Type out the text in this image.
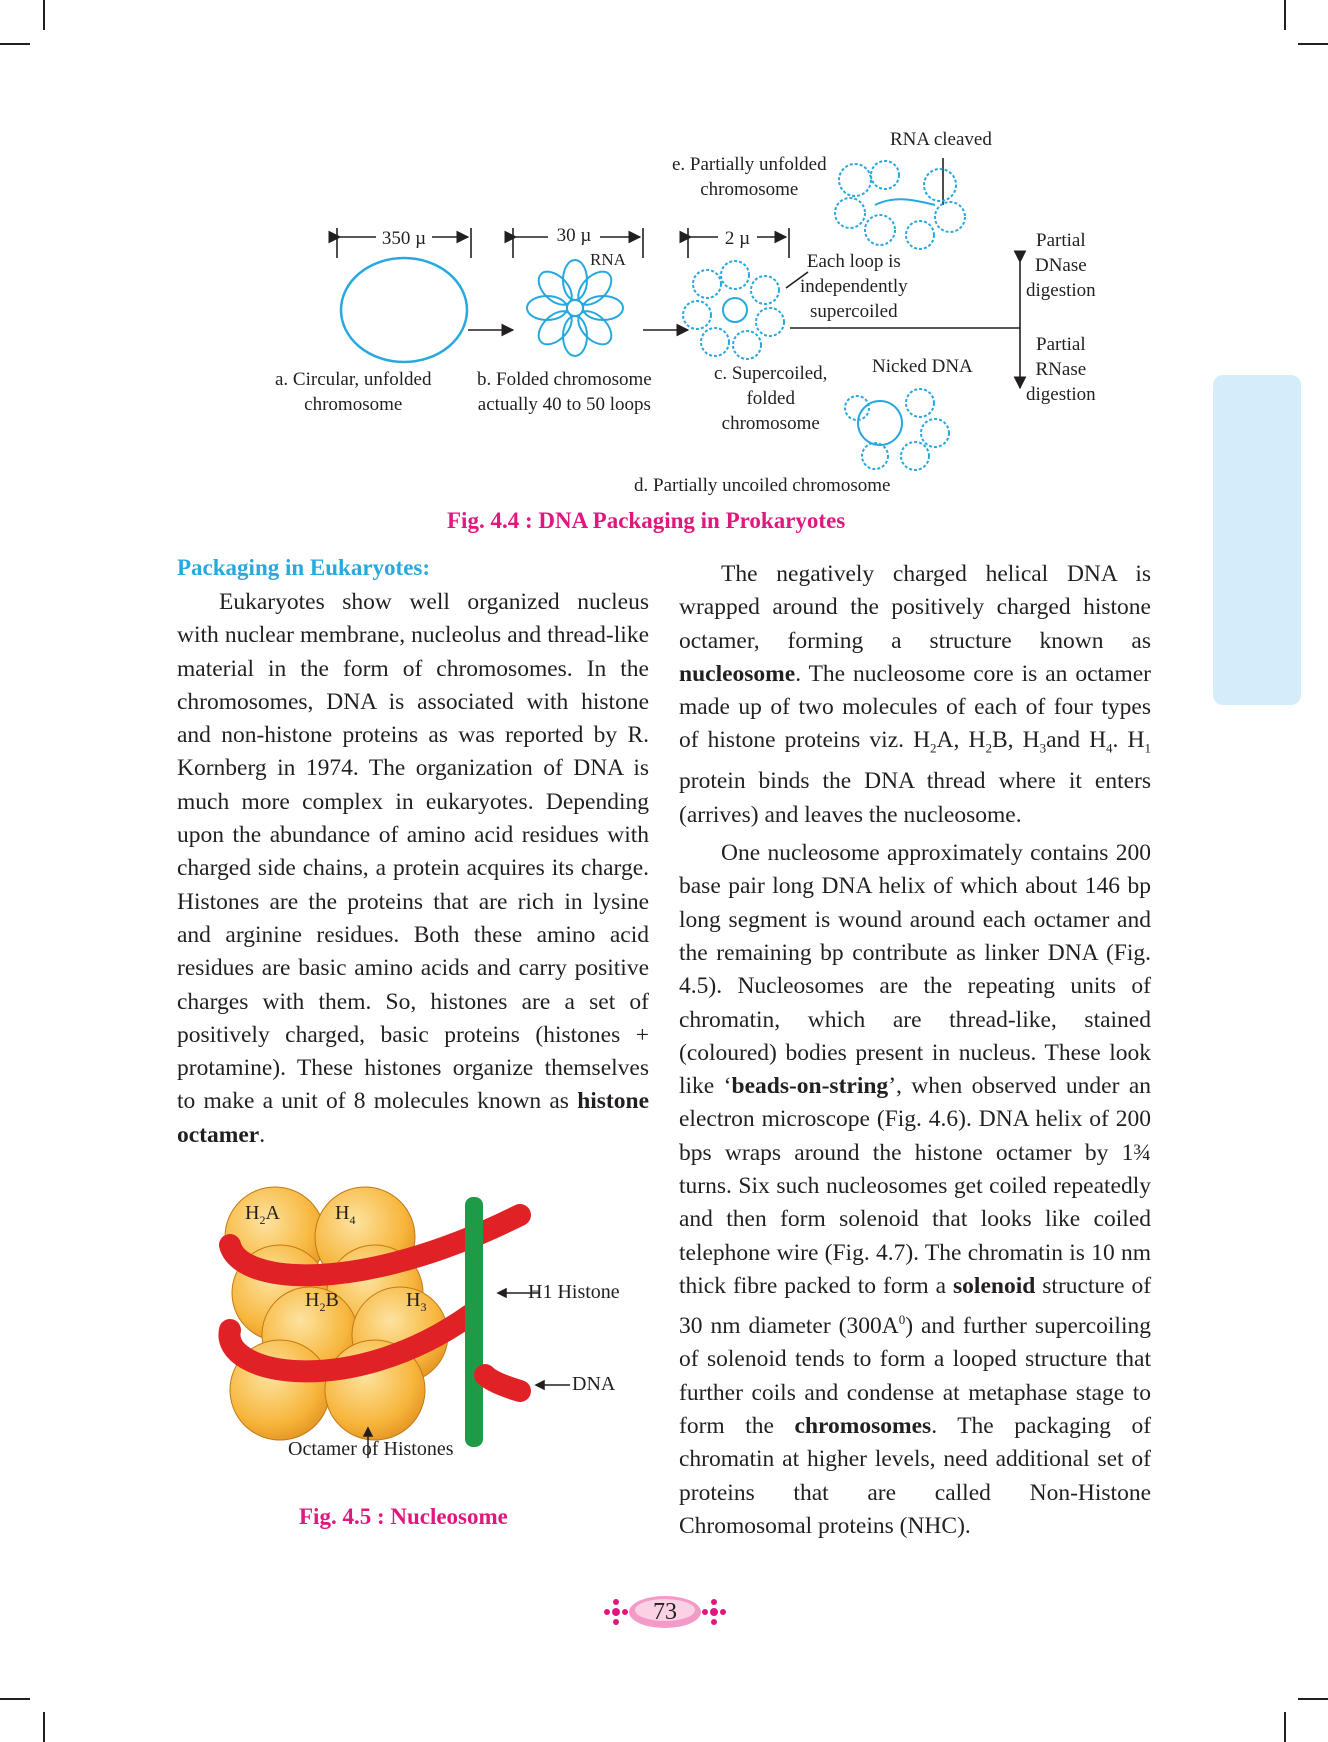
350 µ	30 µ	2 µ
RNA
RNA cleaved
e. Partially unfolded
chromosome
Each loop is
independently
supercoiled
Partial
DNase
digestion
Partial
RNase
digestion
a. Circular, unfolded
chromosome
b. Folded chromosome
actually 40 to 50 loops
c. Supercoiled,
folded
chromosome
Nicked DNA
d. Partially uncoiled chromosome
Fig. 4.4 : DNA Packaging in Prokaryotes
Packaging in Eukaryotes:

Eukaryotes show well organized nucleus with nuclear membrane, nucleolus and thread-like material in the form of chromosomes. In the chromosomes, DNA is associated with histone and non-histone proteins as was reported by R. Kornberg in 1974. The organization of DNA is much more complex in eukaryotes. Depending upon the abundance of amino acid residues with charged side chains, a protein acquires its charge. Histones are the proteins that are rich in lysine and arginine residues. Both these amino acid residues are basic amino acids and carry positive charges with them. So, histones are a set of positively charged, basic proteins (histones + protamine). These histones organize themselves to make a unit of 8 molecules known as histone octamer.

$H_2A$	$H_4$
$H_2B$	$H_3$
H1 Histone
DNA
Octamer of Histones
Fig. 4.5 : Nucleosome

The negatively charged helical DNA is wrapped around the positively charged histone octamer, forming a structure known as nucleosome. The nucleosome core is an octamer made up of two molecules of each of four types of histone proteins viz. $H_2A$, $H_2B$, $H_3and$ $H_4$. $H_1$ protein binds the DNA thread where it enters (arrives) and leaves the nucleosome.

One nucleosome approximately contains 200 base pair long DNA helix of which about 146 bp long segment is wound around each octamer and the remaining bp contribute as linker DNA (Fig. 4.5). Nucleosomes are the repeating units of chromatin, which are thread-like, stained (coloured) bodies present in nucleus. These look like ‘beads-on-string’, when observed under an electron microscope (Fig. 4.6). DNA helix of 200 bps wraps around the histone octamer by 1¾ turns. Six such nucleosomes get coiled repeatedly and then form solenoid that looks like coiled telephone wire (Fig. 4.7). The chromatin is 10 nm thick fibre packed to form a solenoid structure of 30 nm diameter $(300A^0)$ and further supercoiling of solenoid tends to form a looped structure that further coils and condense at metaphase stage to form the chromosomes. The packaging of chromatin at higher levels, need additional set of proteins that are called Non-Histone Chromosomal proteins (NHC).

73
